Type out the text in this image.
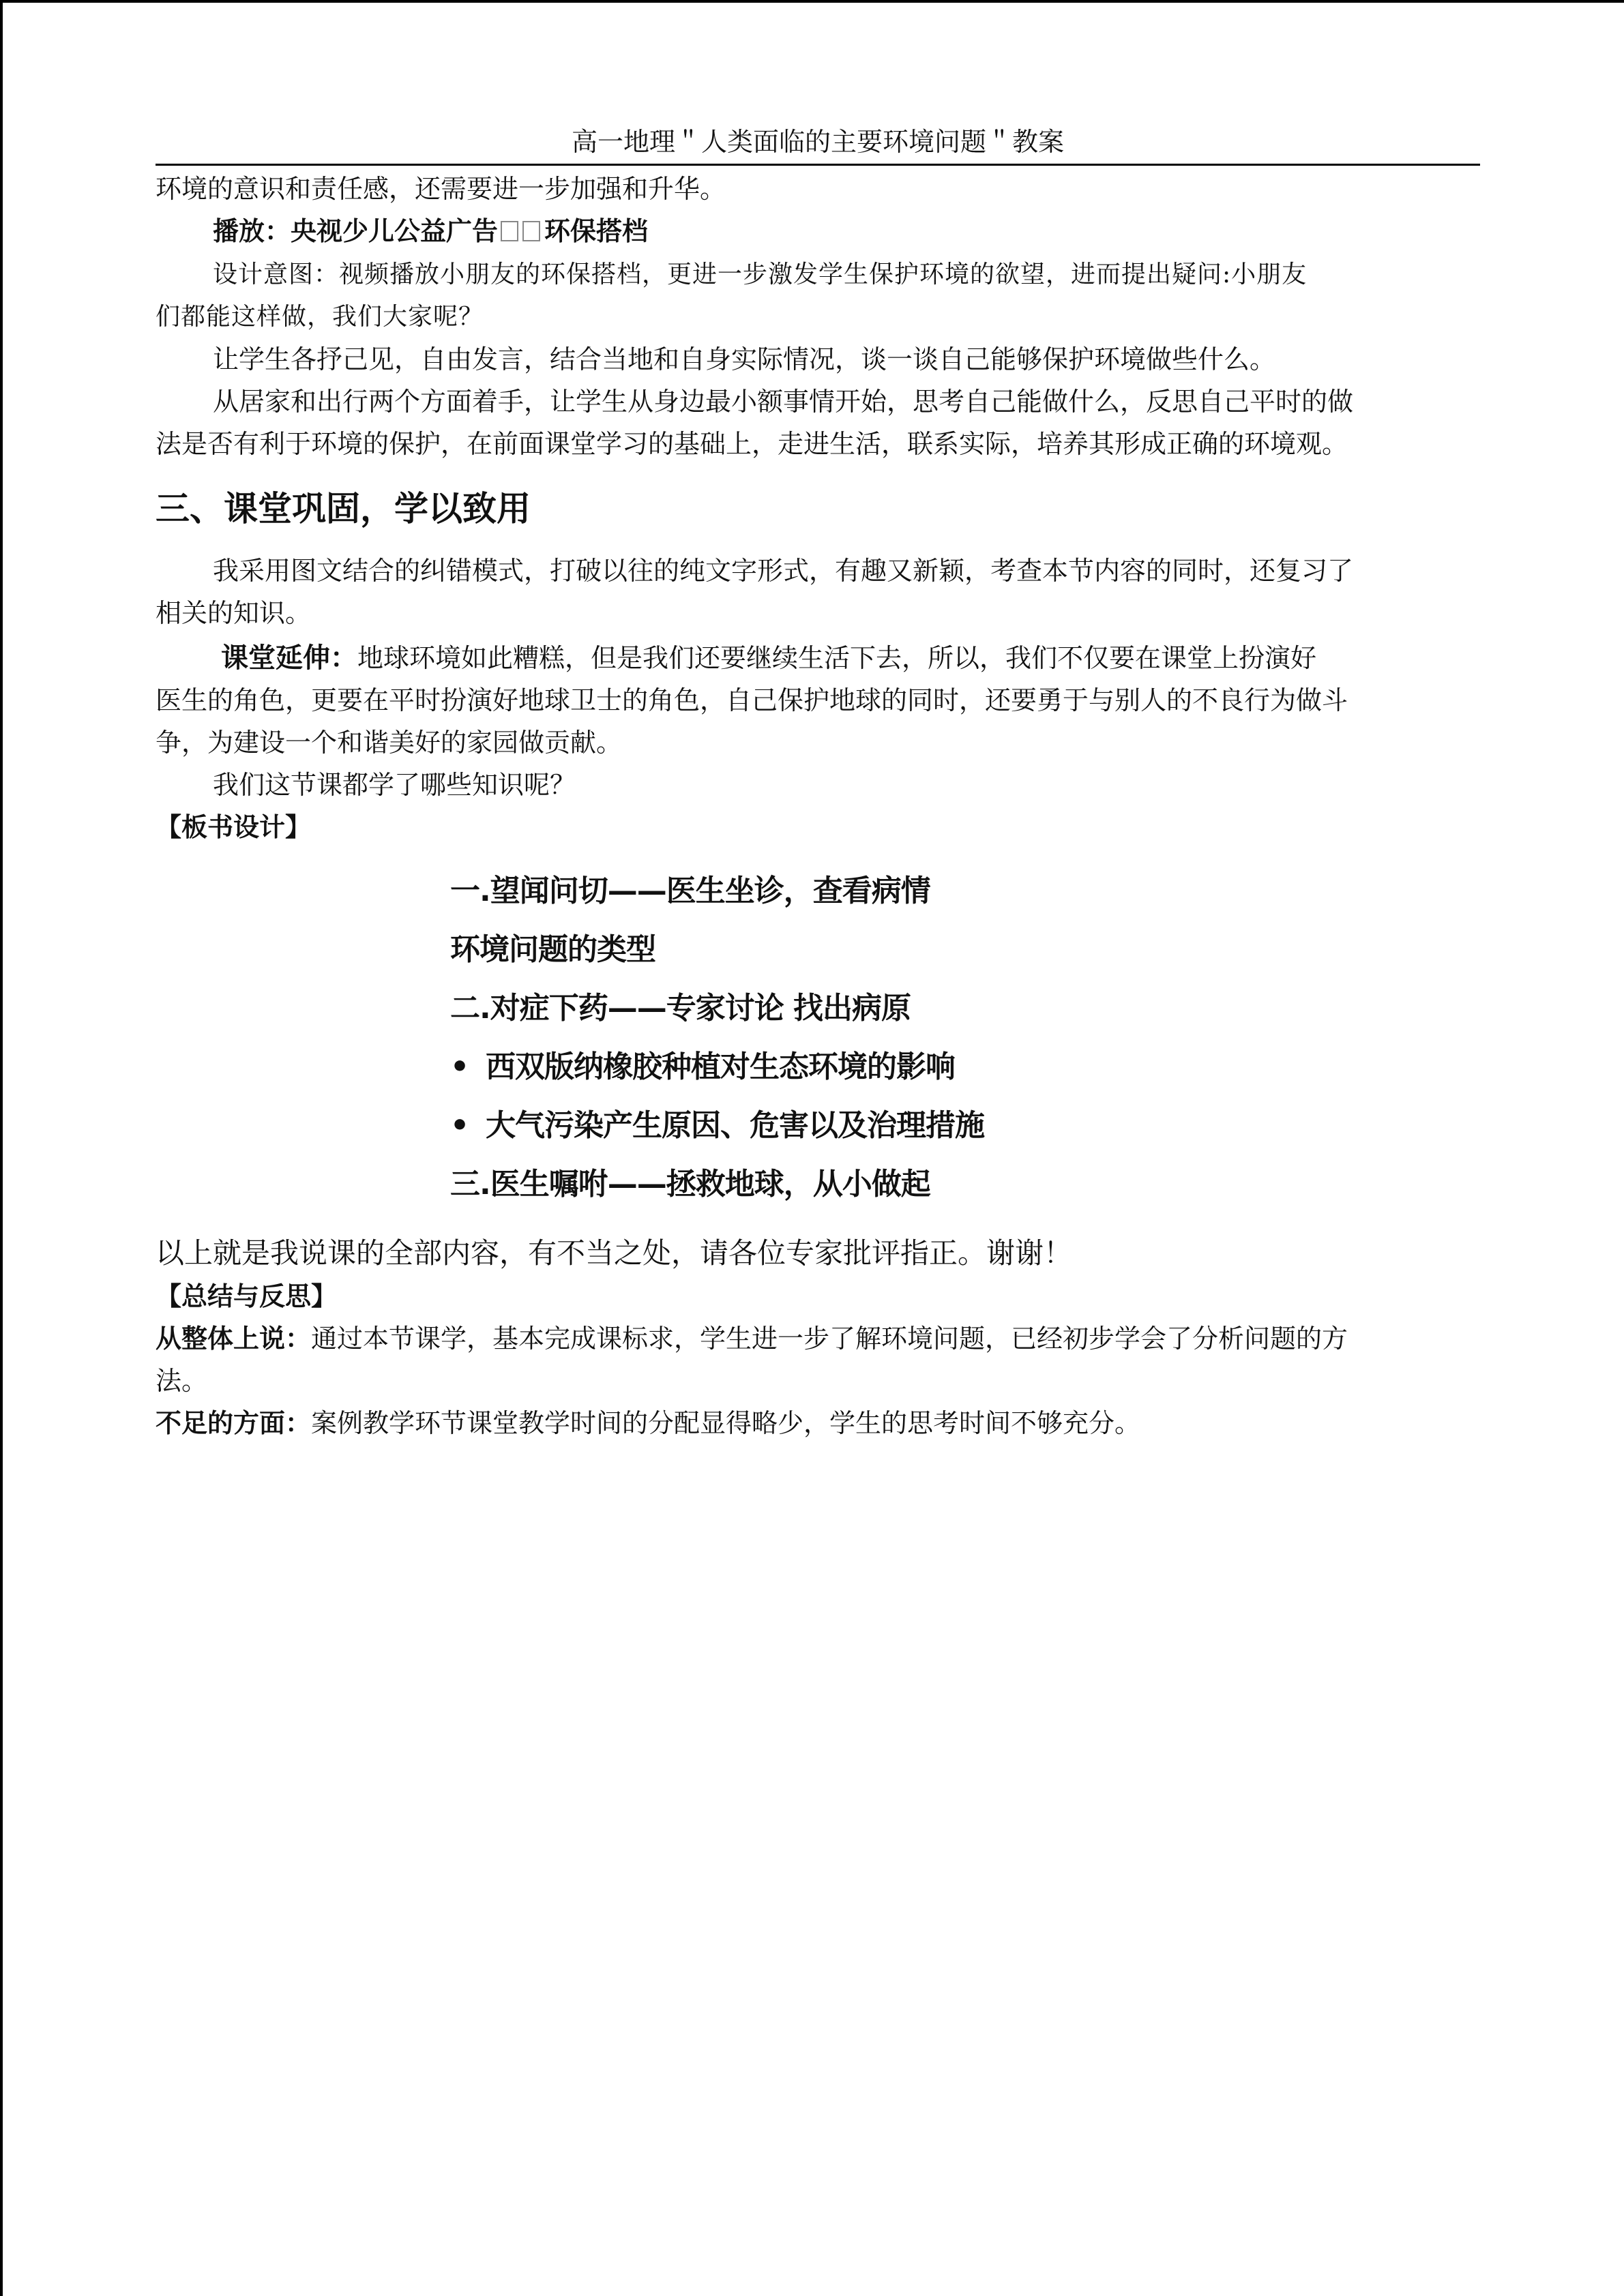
高一地理＂人类面临的主要环境问题＂教案
环境的意识和责任感，还需要进一步加强和升华。
播放：央视少儿公益广告 环保搭档
设计意图：视频播放小朋友的环保搭档，更进一步激发学生保护环境的欲望，进而提出疑问:小朋友
们都能这样做，我们大家呢？
让学生各抒己见，自由发言，结合当地和自身实际情况，谈一谈自己能够保护环境做些什么。
从居家和出行两个方面着手，让学生从身边最小额事情开始，思考自己能做什么，反思自己平时的做
法是否有利于环境的保护，在前面课堂学习的基础上，走进生活，联系实际，培养其形成正确的环境观。
三、课堂巩固，学以致用
我采用图文结合的纠错模式，打破以往的纯文字形式，有趣又新颖，考查本节内容的同时，还复习了
相关的知识。
课堂延伸：地球环境如此糟糕，但是我们还要继续生活下去，所以，我们不仅要在课堂上扮演好
医生的角色，更要在平时扮演好地球卫士的角色，自己保护地球的同时，还要勇于与别人的不良行为做斗
争，为建设一个和谐美好的家园做贡献。
我们这节课都学了哪些知识呢？
【板书设计】
一.望闻问切——医生坐诊，查看病情
环境问题的类型
二.对症下药——专家讨论 找出病原
• 西双版纳橡胶种植对生态环境的影响
• 大气污染产生原因、危害以及治理措施
三.医生嘱咐——拯救地球，从小做起
以上就是我说课的全部内容，有不当之处，请各位专家批评指正。谢谢！
【总结与反思】
从整体上说：通过本节课学，基本完成课标求，学生进一步了解环境问题，已经初步学会了分析问题的方
法。
不足的方面：案例教学环节课堂教学时间的分配显得略少，学生的思考时间不够充分。
